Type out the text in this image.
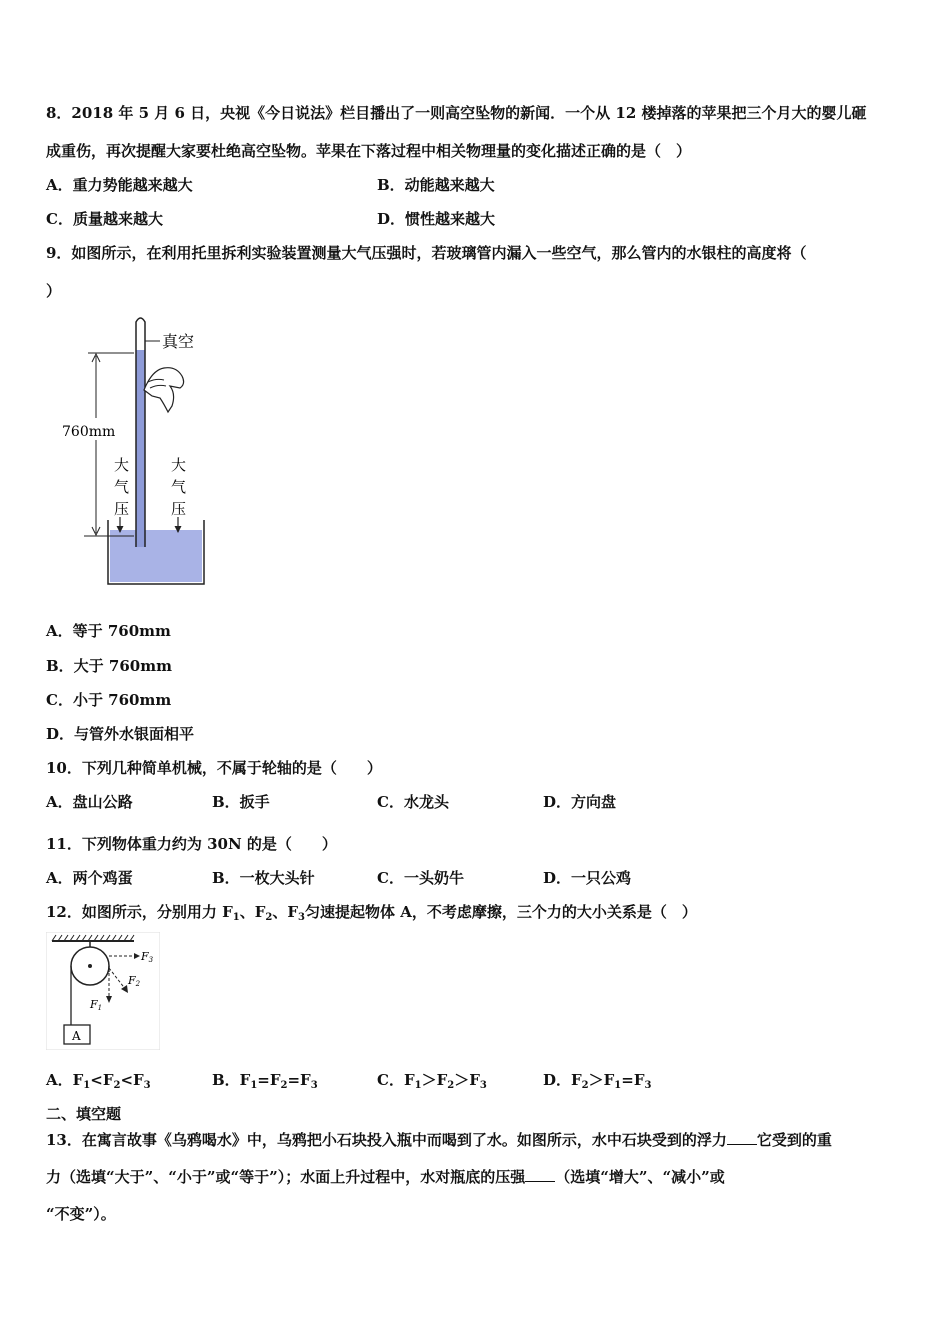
8．2018 年 5 月 6 日，央视《今日说法》栏目播出了一则高空坠物的新闻．一个从 12 楼掉落的苹果把三个月大的婴儿砸
成重伤，再次提醒大家要杜绝高空坠物。苹果在下落过程中相关物理量的变化描述正确的是（　）
A．重力势能越来越大	B．动能越来越大
C．质量越来越大	D．惯性越来越大
9．如图所示，在利用托里拆利实验装置测量大气压强时，若玻璃管内漏入一些空气，那么管内的水银柱的高度将（
）
真空
760mm
大
气
压
大
气
压
A．等于 760mm
B．大于 760mm
C．小于 760mm
D．与管外水银面相平
10．下列几种简单机械，不属于轮轴的是（　　）
A．盘山公路	B．扳手	C．水龙头	D．方向盘
11．下列物体重力约为 30N 的是（　　）
A．两个鸡蛋	B．一枚大头针	C．一头奶牛	D．一只公鸡
12．如图所示，分别用力 $F_1$、$F_2$、$F_3$匀速提起物体 A，不考虑摩擦，三个力的大小关系是（　）
A
F3
F2
F1
A．$F_1<F_2<F_3$	B．$F_1=F_2=F_3$	C．$F_1>F_2>F_3$	D．$F_2>F_1=F_3$
二、填空题
13．在寓言故事《乌鸦喝水》中，乌鸦把小石块投入瓶中而喝到了水。如图所示，水中石块受到的浮力 它受到的重
力（选填“大于”、“小于”或“等于”）；水面上升过程中，水对瓶底的压强 （选填“增大”、“减小”或
“不变”）。
